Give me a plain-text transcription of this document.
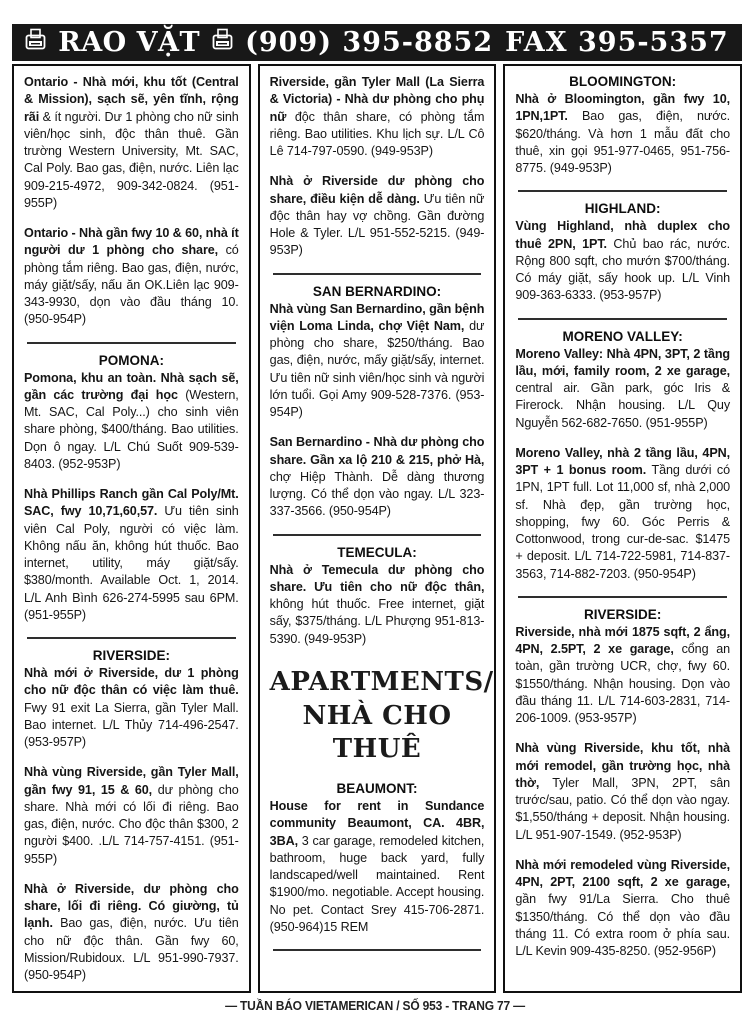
RAO VẶT (909) 395-8852 FAX 395-5357

Ontario - Nhà mới, khu tốt (Central & Mission), sạch sẽ, yên tĩnh, rộng rãi & ít người. Dư 1 phòng cho nữ sinh viên/học sinh, độc thân thuê. Gần trường Western University, Mt. SAC, Cal Poly. Bao gas, điện, nước. Liên lạc 909-215-4972, 909-342-0824. (951-955P)

Ontario - Nhà gần fwy 10 & 60, nhà ít người dư 1 phòng cho share, có phòng tắm riêng. Bao gas, điện, nước, máy giặt/sấy, nấu ăn OK.Liên lạc 909-343-9930, dọn vào đầu tháng 10. (950-954P)

POMONA:

Pomona, khu an toàn. Nhà sạch sẽ, gần các trường đại học (Western, Mt. SAC, Cal Poly...) cho sinh viên share phòng, $400/tháng. Bao utilities. Dọn ô ngay. L/L Chú Suốt 909-539-8403. (952-953P)

Nhà Phillips Ranch gần Cal Poly/Mt. SAC, fwy 10,71,60,57. Ưu tiên sinh viên Cal Poly, người có việc làm. Không nấu ăn, không hút thuốc. Bao internet, utility, máy giặt/sấy. $380/month. Available Oct. 1, 2014. L/L Anh Bình 626-274-5995 sau 6PM. (951-955P)

RIVERSIDE:

Nhà mới ở Riverside, dư 1 phòng cho nữ độc thân có việc làm thuê. Fwy 91 exit La Sierra, gần Tyler Mall. Bao internet. L/L Thủy 714-496-2547. (953-957P)

Nhà vùng Riverside, gần Tyler Mall, gần fwy 91, 15 & 60, dư phòng cho share. Nhà mới có lối đi riêng. Bao gas, điện, nước. Cho độc thân $300, 2 người $400. .L/L 714-757-4151. (951-955P)

Nhà ở Riverside, dư phòng cho share, lối đi riêng. Có giường, tủ lạnh. Bao gas, điện, nước. Ưu tiên cho nữ độc thân. Gần fwy 60, Mission/Rubidoux. L/L 951-990-7937. (950-954P)

Riverside, gần Tyler Mall (La Sierra & Victoria) - Nhà dư phòng cho phụ nữ độc thân share, có phòng tắm riêng. Bao utilities. Khu lịch sự. L/L Cô Lê 714-797-0590. (949-953P)

Nhà ở Riverside dư phòng cho share, điều kiện dễ dàng. Ưu tiên nữ độc thân hay vợ chồng. Gần đường Hole & Tyler. L/L 951-552-5215. (949-953P)

SAN BERNARDINO:

Nhà vùng San Bernardino, gần bệnh viện Loma Linda, chợ Việt Nam, dư phòng cho share, $250/tháng. Bao gas, điện, nước, mấy giặt/sấy, internet. Ưu tiên nữ sinh viên/học sinh và người lớn tuổi. Gọi Amy 909-528-7376. (953-954P)

San Bernardino - Nhà dư phòng cho share. Gần xa lộ 210 & 215, phở Hà, chợ Hiệp Thành. Dễ dàng thương lượng. Có thể dọn vào ngay. L/L 323-337-3566. (950-954P)

TEMECULA:

Nhà ở Temecula dư phòng cho share. Ưu tiên cho nữ độc thân, không hút thuốc. Free internet, giặt sấy, $375/tháng. L/L Phượng 951-813-5390. (949-953P)

APARTMENTS/
NHÀ CHO THUÊ
BEAUMONT:

House for rent in Sundance community Beaumont, CA. 4BR, 3BA, 3 car garage, remodeled kitchen, bathroom, huge back yard, fully landscaped/well maintained. Rent $1900/mo. negotiable. Accept housing. No pet. Contact Srey 415-706-2871. (950-964)15 REM

BLOOMINGTON:

Nhà ở Bloomington, gần fwy 10, 1PN,1PT. Bao gas, điện, nước. $620/tháng. Và hơn 1 mẫu đất cho thuê, xin gọi 951-977-0465, 951-756-8775. (949-953P)

HIGHLAND:

Vùng Highland, nhà duplex cho thuê 2PN, 1PT. Chủ bao rác, nước. Rộng 800 sqft, cho mướn $700/tháng. Có máy giặt, sấy hook up. L/L Vinh 909-363-6333. (953-957P)

MORENO VALLEY:

Moreno Valley: Nhà 4PN, 3PT, 2 tầng lầu, mới, family room, 2 xe garage, central air. Gần park, góc Iris & Firerock. Nhận housing. L/L Quy Nguyễn 562-682-7650. (951-955P)

Moreno Valley, nhà 2 tầng lầu, 4PN, 3PT + 1 bonus room. Tầng dưới có 1PN, 1PT full. Lot 11,000 sf, nhà 2,000 sf. Nhà đẹp, gần trường học, shopping, fwy 60. Góc Perris & Cottonwood, trong cur-de-sac. $1475 + deposit. L/L 714-722-5981, 714-837-3563, 714-882-7203. (950-954P)

RIVERSIDE:

Riverside, nhà mới 1875 sqft, 2 ẩng, 4PN, 2.5PT, 2 xe garage, cổng an toàn, gần trường UCR, chợ, fwy 60. $1550/tháng. Nhận housing. Dọn vào đầu tháng 11. L/L 714-603-2831, 714-206-1009. (953-957P)

Nhà vùng Riverside, khu tốt, nhà mới remodel, gần trường học, nhà thờ, Tyler Mall, 3PN, 2PT, sân trước/sau, patio. Có thể dọn vào ngay. $1,550/tháng + deposit. Nhận housing. L/L 951-907-1549. (952-953P)

Nhà mới remodeled vùng Riverside, 4PN, 2PT, 2100 sqft, 2 xe garage, gần fwy 91/La Sierra. Cho thuê $1350/tháng. Có thể dọn vào đầu tháng 11. Có extra room ở phía sau. L/L Kevin 909-435-8250. (952-956P)

— TUẦN BÁO VIETAMERICAN / SỐ 953 - TRANG 77 —
